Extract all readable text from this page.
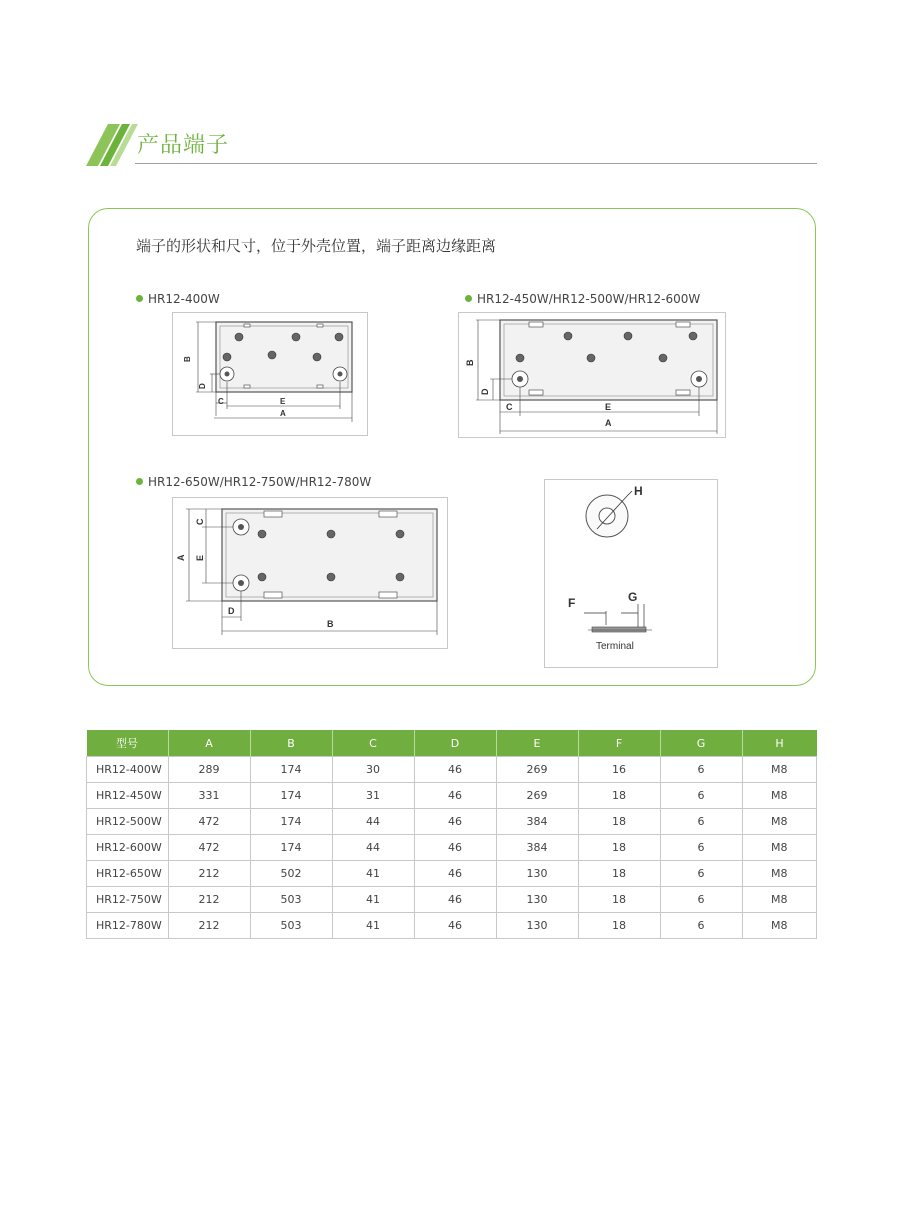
产品端子
端子的形状和尺寸，位于外壳位置，端子距离边缘距离
HR12-400W	HR12-450W/HR12-500W/HR12-600W
HR12-650W/HR12-750W/HR12-780W
B
D
C	E
A
B
D
C	E
A
A
C
E
D
B
H
F	G
Terminal
型号	A	B	C	D	E	F	G	H
HR12-400W	289	174	30	46	269	16	6	M8
HR12-450W	331	174	31	46	269	18	6	M8
HR12-500W	472	174	44	46	384	18	6	M8
HR12-600W	472	174	44	46	384	18	6	M8
HR12-650W	212	502	41	46	130	18	6	M8
HR12-750W	212	503	41	46	130	18	6	M8
HR12-780W	212	503	41	46	130	18	6	M8
